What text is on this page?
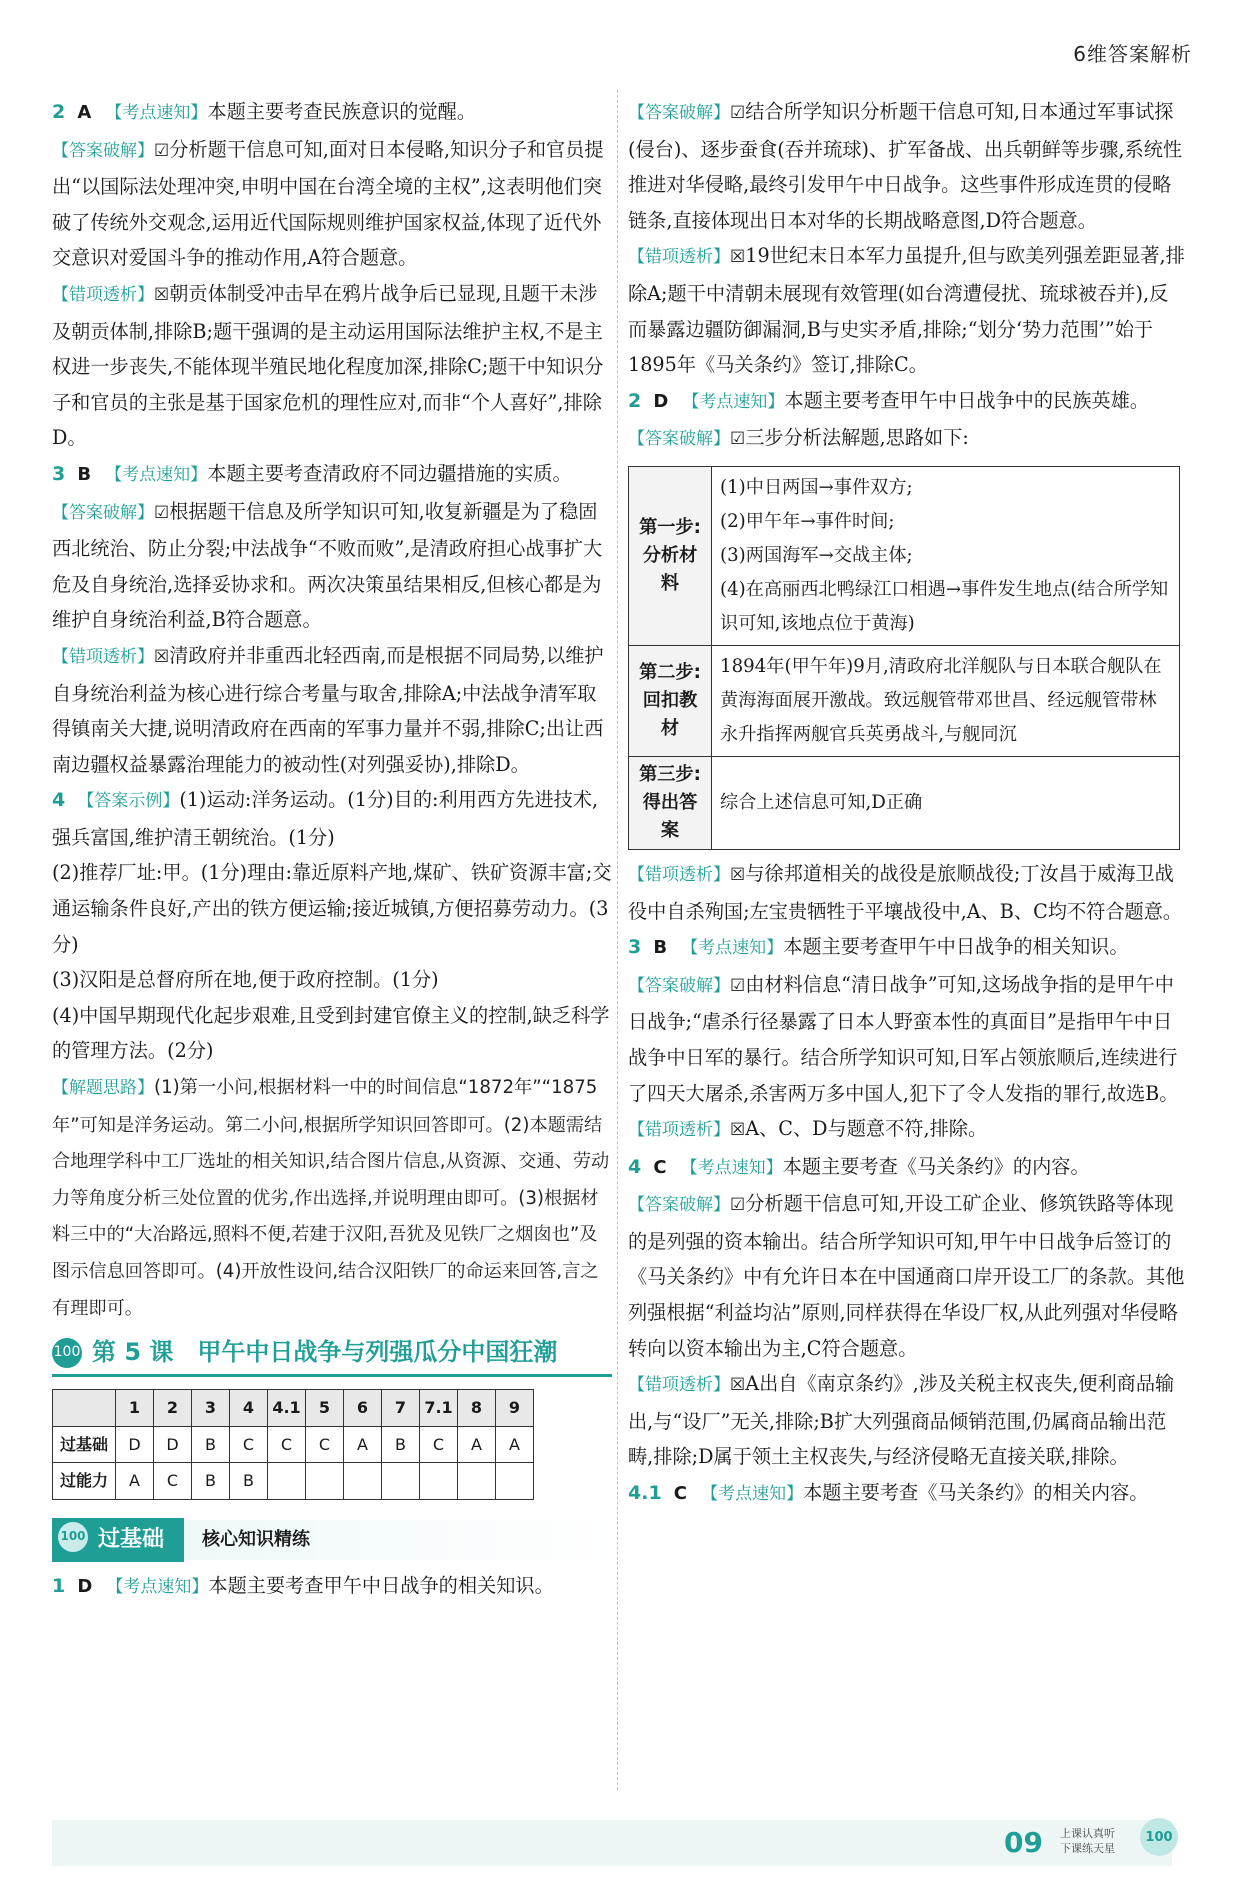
6维答案解析

2 A 【考点速知】本题主要考查民族意识的觉醒。

【答案破解】☑分析题干信息可知,面对日本侵略,知识分子和官员提出“以国际法处理冲突,申明中国在台湾全境的主权”,这表明他们突破了传统外交观念,运用近代国际规则维护国家权益,体现了近代外交意识对爱国斗争的推动作用,A符合题意。

【错项透析】☒朝贡体制受冲击早在鸦片战争后已显现,且题干未涉及朝贡体制,排除B;题干强调的是主动运用国际法维护主权,不是主权进一步丧失,不能体现半殖民地化程度加深,排除C;题干中知识分子和官员的主张是基于国家危机的理性应对,而非“个人喜好”,排除D。

3 B 【考点速知】本题主要考查清政府不同边疆措施的实质。

【答案破解】☑根据题干信息及所学知识可知,收复新疆是为了稳固西北统治、防止分裂;中法战争“不败而败”,是清政府担心战事扩大危及自身统治,选择妥协求和。两次决策虽结果相反,但核心都是为维护自身统治利益,B符合题意。

【错项透析】☒清政府并非重西北轻西南,而是根据不同局势,以维护自身统治利益为核心进行综合考量与取舍,排除A;中法战争清军取得镇南关大捷,说明清政府在西南的军事力量并不弱,排除C;出让西南边疆权益暴露治理能力的被动性(对列强妥协),排除D。

4 【答案示例】(1)运动:洋务运动。(1分)目的:利用西方先进技术,强兵富国,维护清王朝统治。(1分)

(2)推荐厂址:甲。(1分)理由:靠近原料产地,煤矿、铁矿资源丰富;交通运输条件良好,产出的铁方便运输;接近城镇,方便招募劳动力。(3分)

(3)汉阳是总督府所在地,便于政府控制。(1分)

(4)中国早期现代化起步艰难,且受到封建官僚主义的控制,缺乏科学的管理方法。(2分)

【解题思路】(1)第一小问,根据材料一中的时间信息“1872年”“1875年”可知是洋务运动。第二小问,根据所学知识回答即可。(2)本题需结合地理学科中工厂选址的相关知识,结合图片信息,从资源、交通、劳动力等角度分析三处位置的优劣,作出选择,并说明理由即可。(3)根据材料三中的“大冶路远,照料不便,若建于汉阳,吾犹及见铁厂之烟囱也”及图示信息回答即可。(4)开放性设问,结合汉阳铁厂的命运来回答,言之有理即可。

100 第 5 课　甲午中日战争与列强瓜分中国狂潮
	1	2	3	4	4.1	5	6	7	7.1	8	9
过基础	D	D	B	C	C	C	A	B	C	A	A
过能力	A	C	B	B							
100 过基础	核心知识精练

1 D 【考点速知】本题主要考查甲午中日战争的相关知识。

【答案破解】☑结合所学知识分析题干信息可知,日本通过军事试探(侵台)、逐步蚕食(吞并琉球)、扩军备战、出兵朝鲜等步骤,系统性推进对华侵略,最终引发甲午中日战争。这些事件形成连贯的侵略链条,直接体现出日本对华的长期战略意图,D符合题意。

【错项透析】☒19世纪末日本军力虽提升,但与欧美列强差距显著,排除A;题干中清朝未展现有效管理(如台湾遭侵扰、琉球被吞并),反而暴露边疆防御漏洞,B与史实矛盾,排除;“划分‘势力范围’”始于1895年《马关条约》签订,排除C。

2 D 【考点速知】本题主要考查甲午中日战争中的民族英雄。

【答案破解】☑三步分析法解题,思路如下:

第一步:分析材料	(1)中日两国→事件双方;
(2)甲午年→事件时间;
(3)两国海军→交战主体;
(4)在高丽西北鸭绿江口相遇→事件发生地点(结合所学知识可知,该地点位于黄海)

第二步:回扣教材	1894年(甲午年)9月,清政府北洋舰队与日本联合舰队在黄海海面展开激战。致远舰管带邓世昌、经远舰管带林永升指挥两舰官兵英勇战斗,与舰同沉

第三步:得出答案	综合上述信息可知,D正确

【错项透析】☒与徐邦道相关的战役是旅顺战役;丁汝昌于威海卫战役中自杀殉国;左宝贵牺牲于平壤战役中,A、B、C均不符合题意。

3 B 【考点速知】本题主要考查甲午中日战争的相关知识。

【答案破解】☑由材料信息“清日战争”可知,这场战争指的是甲午中日战争;“虐杀行径暴露了日本人野蛮本性的真面目”是指甲午中日战争中日军的暴行。结合所学知识可知,日军占领旅顺后,连续进行了四天大屠杀,杀害两万多中国人,犯下了令人发指的罪行,故选B。

【错项透析】☒A、C、D与题意不符,排除。

4 C 【考点速知】本题主要考查《马关条约》的内容。

【答案破解】☑分析题干信息可知,开设工矿企业、修筑铁路等体现的是列强的资本输出。结合所学知识可知,甲午中日战争后签订的《马关条约》中有允许日本在中国通商口岸开设工厂的条款。其他列强根据“利益均沾”原则,同样获得在华设厂权,从此列强对华侵略转向以资本输出为主,C符合题意。

【错项透析】☒A出自《南京条约》,涉及关税主权丧失,便利商品输出,与“设厂”无关,排除;B扩大列强商品倾销范围,仍属商品输出范畴,排除;D属于领土主权丧失,与经济侵略无直接关联,排除。

4.1 C 【考点速知】本题主要考查《马关条约》的相关内容。

09 上课认真听
下课练天星
100
